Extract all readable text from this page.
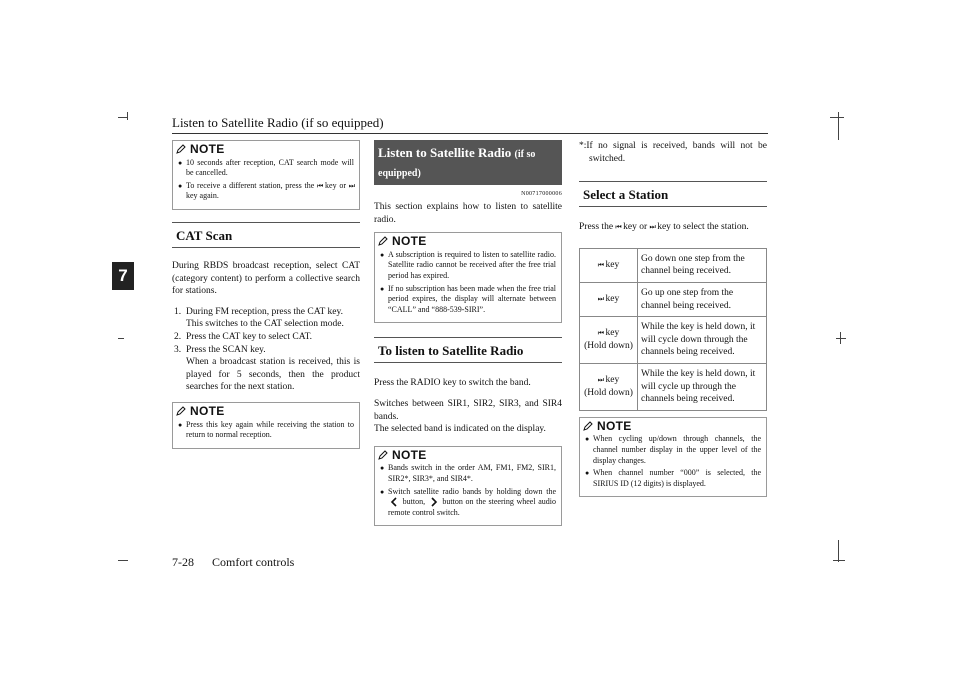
Listen to Satellite Radio (if so equipped)
7
7-28 Comfort controls
NOTE
● 10 seconds after reception, CAT search mode will be cancelled.
● To receive a different station, press the ⏮ key or ⏭ key again.
CAT Scan

During RBDS broadcast reception, select CAT (category content) to perform a collective search for stations.

1. During FM reception, press the CAT key.
This switches to the CAT selection mode.
2. Press the CAT key to select CAT.
3. Press the SCAN key.
When a broadcast station is received, this is played for 5 seconds, then the product searches for the next station.
NOTE
● Press this key again while receiving the station to return to normal reception.
Listen to Satellite Radio (if so equipped)
N00717000006

This section explains how to listen to satellite radio.

NOTE
● A subscription is required to listen to satellite radio. Satellite radio cannot be received after the free trial period has expired.
● If no subscription has been made when the free trial period expires, the display will alternate between “CALL” and “888-539-SIRI”.
To listen to Satellite Radio

Press the RADIO key to switch the band.

Switches between SIR1, SIR2, SIR3, and SIR4 bands.

The selected band is indicated on the display.

NOTE
● Bands switch in the order AM, FM1, FM2, SIR1, SIR2*, SIR3*, and SIR4*.
● Switch satellite radio bands by holding down the  button, button on the steering wheel audio remote control switch.

*:If no signal is received, bands will not be switched.

Select a Station

Press the ⏮ key or ⏭ key to select the station.

⏮ key	Go down one step from the channel being received.
⏭ key	Go up one step from the channel being received.
⏮ key
(Hold down)	While the key is held down, it will cycle down through the channels being received.
⏭ key
(Hold down)	While the key is held down, it will cycle up through the channels being received.
NOTE
● When cycling up/down through channels, the channel number display in the upper level of the display changes.
● When channel number “000” is selected, the SIRIUS ID (12 digits) is displayed.
